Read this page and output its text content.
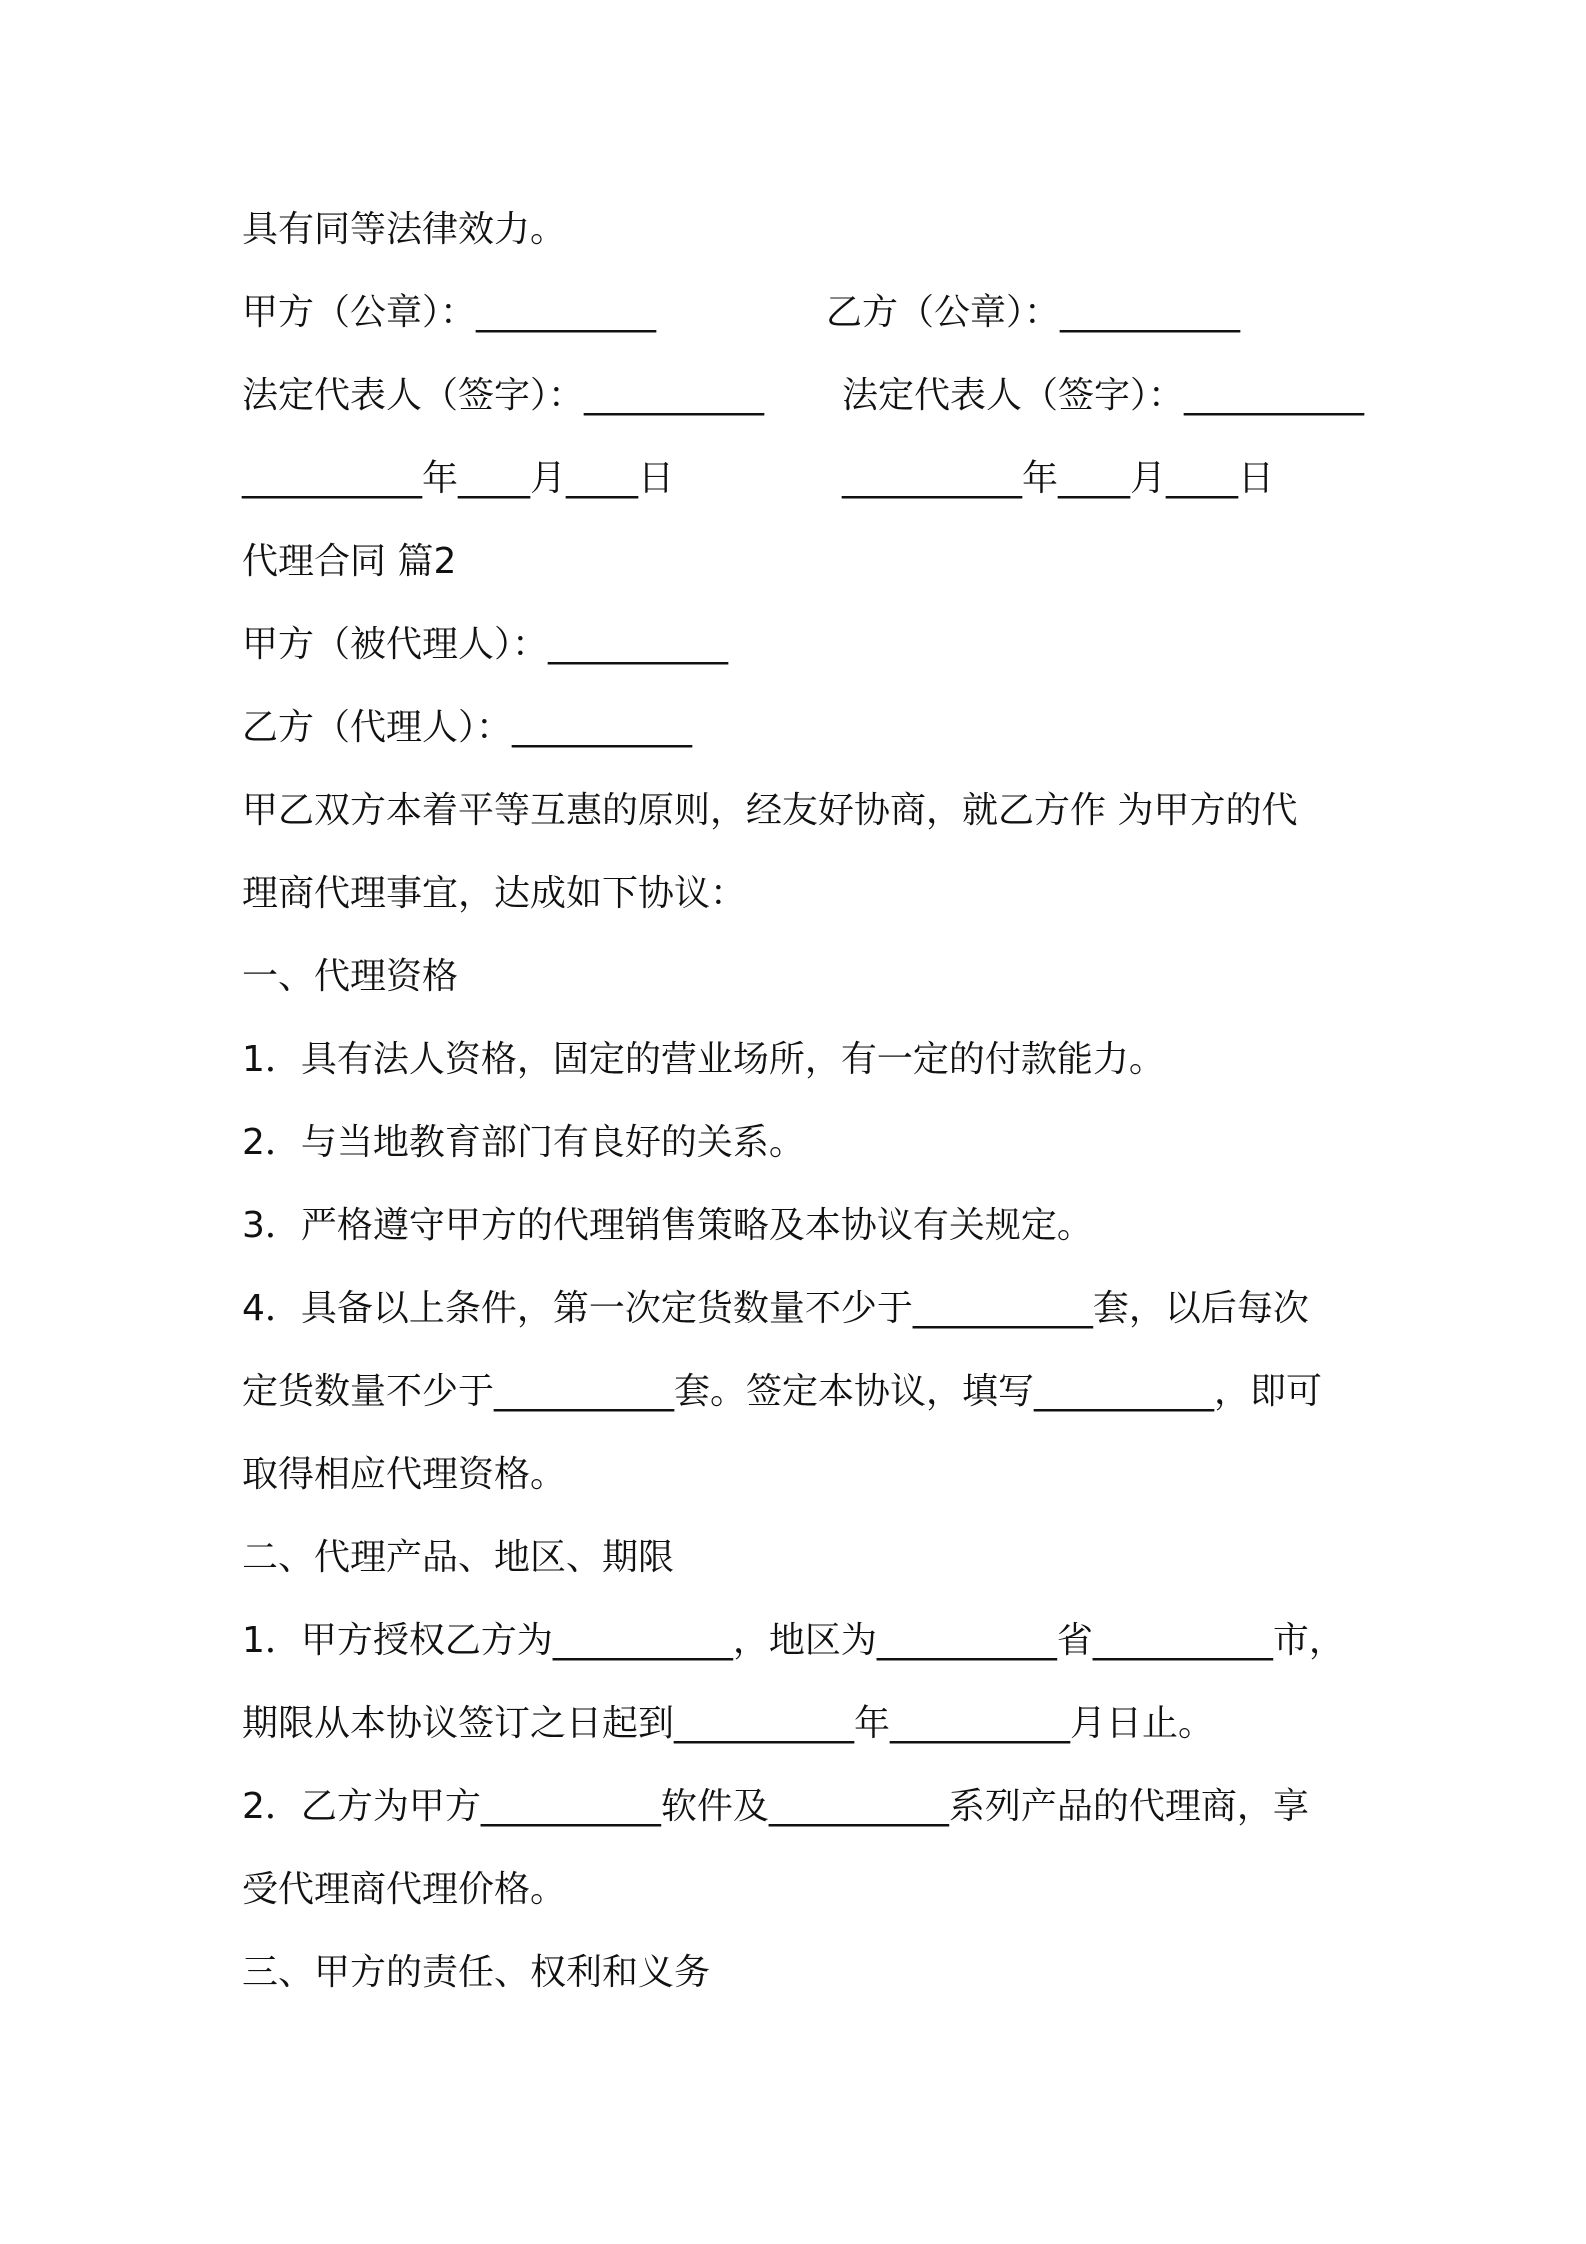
具有同等法律效力。
甲方（公章）：__________	乙方（公章）：__________
法定代表人（签字）：__________ 法定代表人（签字）：__________
__________年____月____日	__________年____月____日
代理合同 篇2
甲方（被代理人）：__________
乙方（代理人）：__________
甲乙双方本着平等互惠的原则，经友好协商，就乙方作 为甲方的代
理商代理事宜，达成如下协议：
一、代理资格
1．具有法人资格，固定的营业场所，有一定的付款能力。
2．与当地教育部门有良好的关系。
3．严格遵守甲方的代理销售策略及本协议有关规定。
4．具备以上条件，第一次定货数量不少于__________套，以后每次
定货数量不少于__________套。签定本协议，填写__________，即可
取得相应代理资格。
二、代理产品、地区、期限
1．甲方授权乙方为__________，地区为__________省__________市，
期限从本协议签订之日起到__________年__________月日止。
2．乙方为甲方__________软件及__________系列产品的代理商，享
受代理商代理价格。
三、甲方的责任、权利和义务
